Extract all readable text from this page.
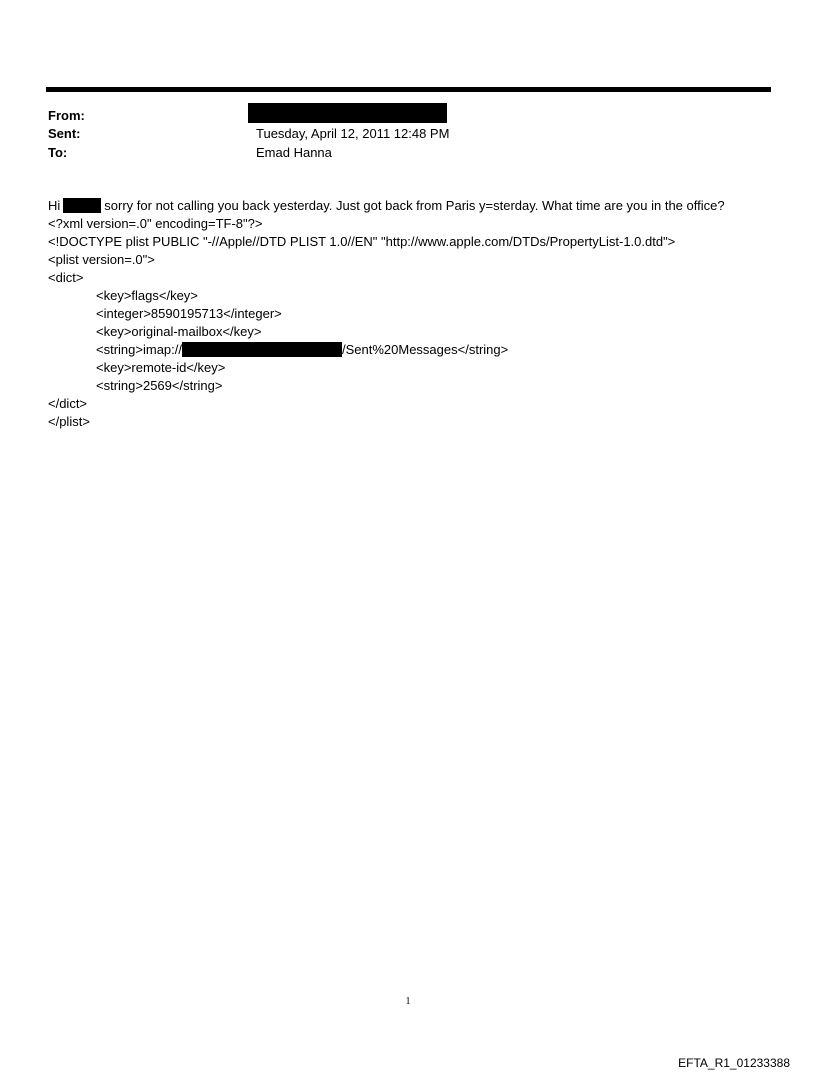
From:
Sent:	Tuesday, April 12, 2011 12:48 PM
To:	Emad Hanna
Hi	sorry for not calling you back yesterday. Just got back from Paris y=sterday. What time are you in the office?
<?xml version=.0" encoding=TF-8"?>
<!DOCTYPE plist PUBLIC "-//Apple//DTD PLIST 1.0//EN" "http://www.apple.com/DTDs/PropertyList-1.0.dtd">
<plist version=.0">
<dict>
<key>flags</key>
<integer>8590195713</integer>
<key>original-mailbox</key>
<string>imap://	/Sent%20Messages</string>
<key>remote-id</key>
<string>2569</string>
</dict>
</plist>
1
EFTA_R1_01233388
